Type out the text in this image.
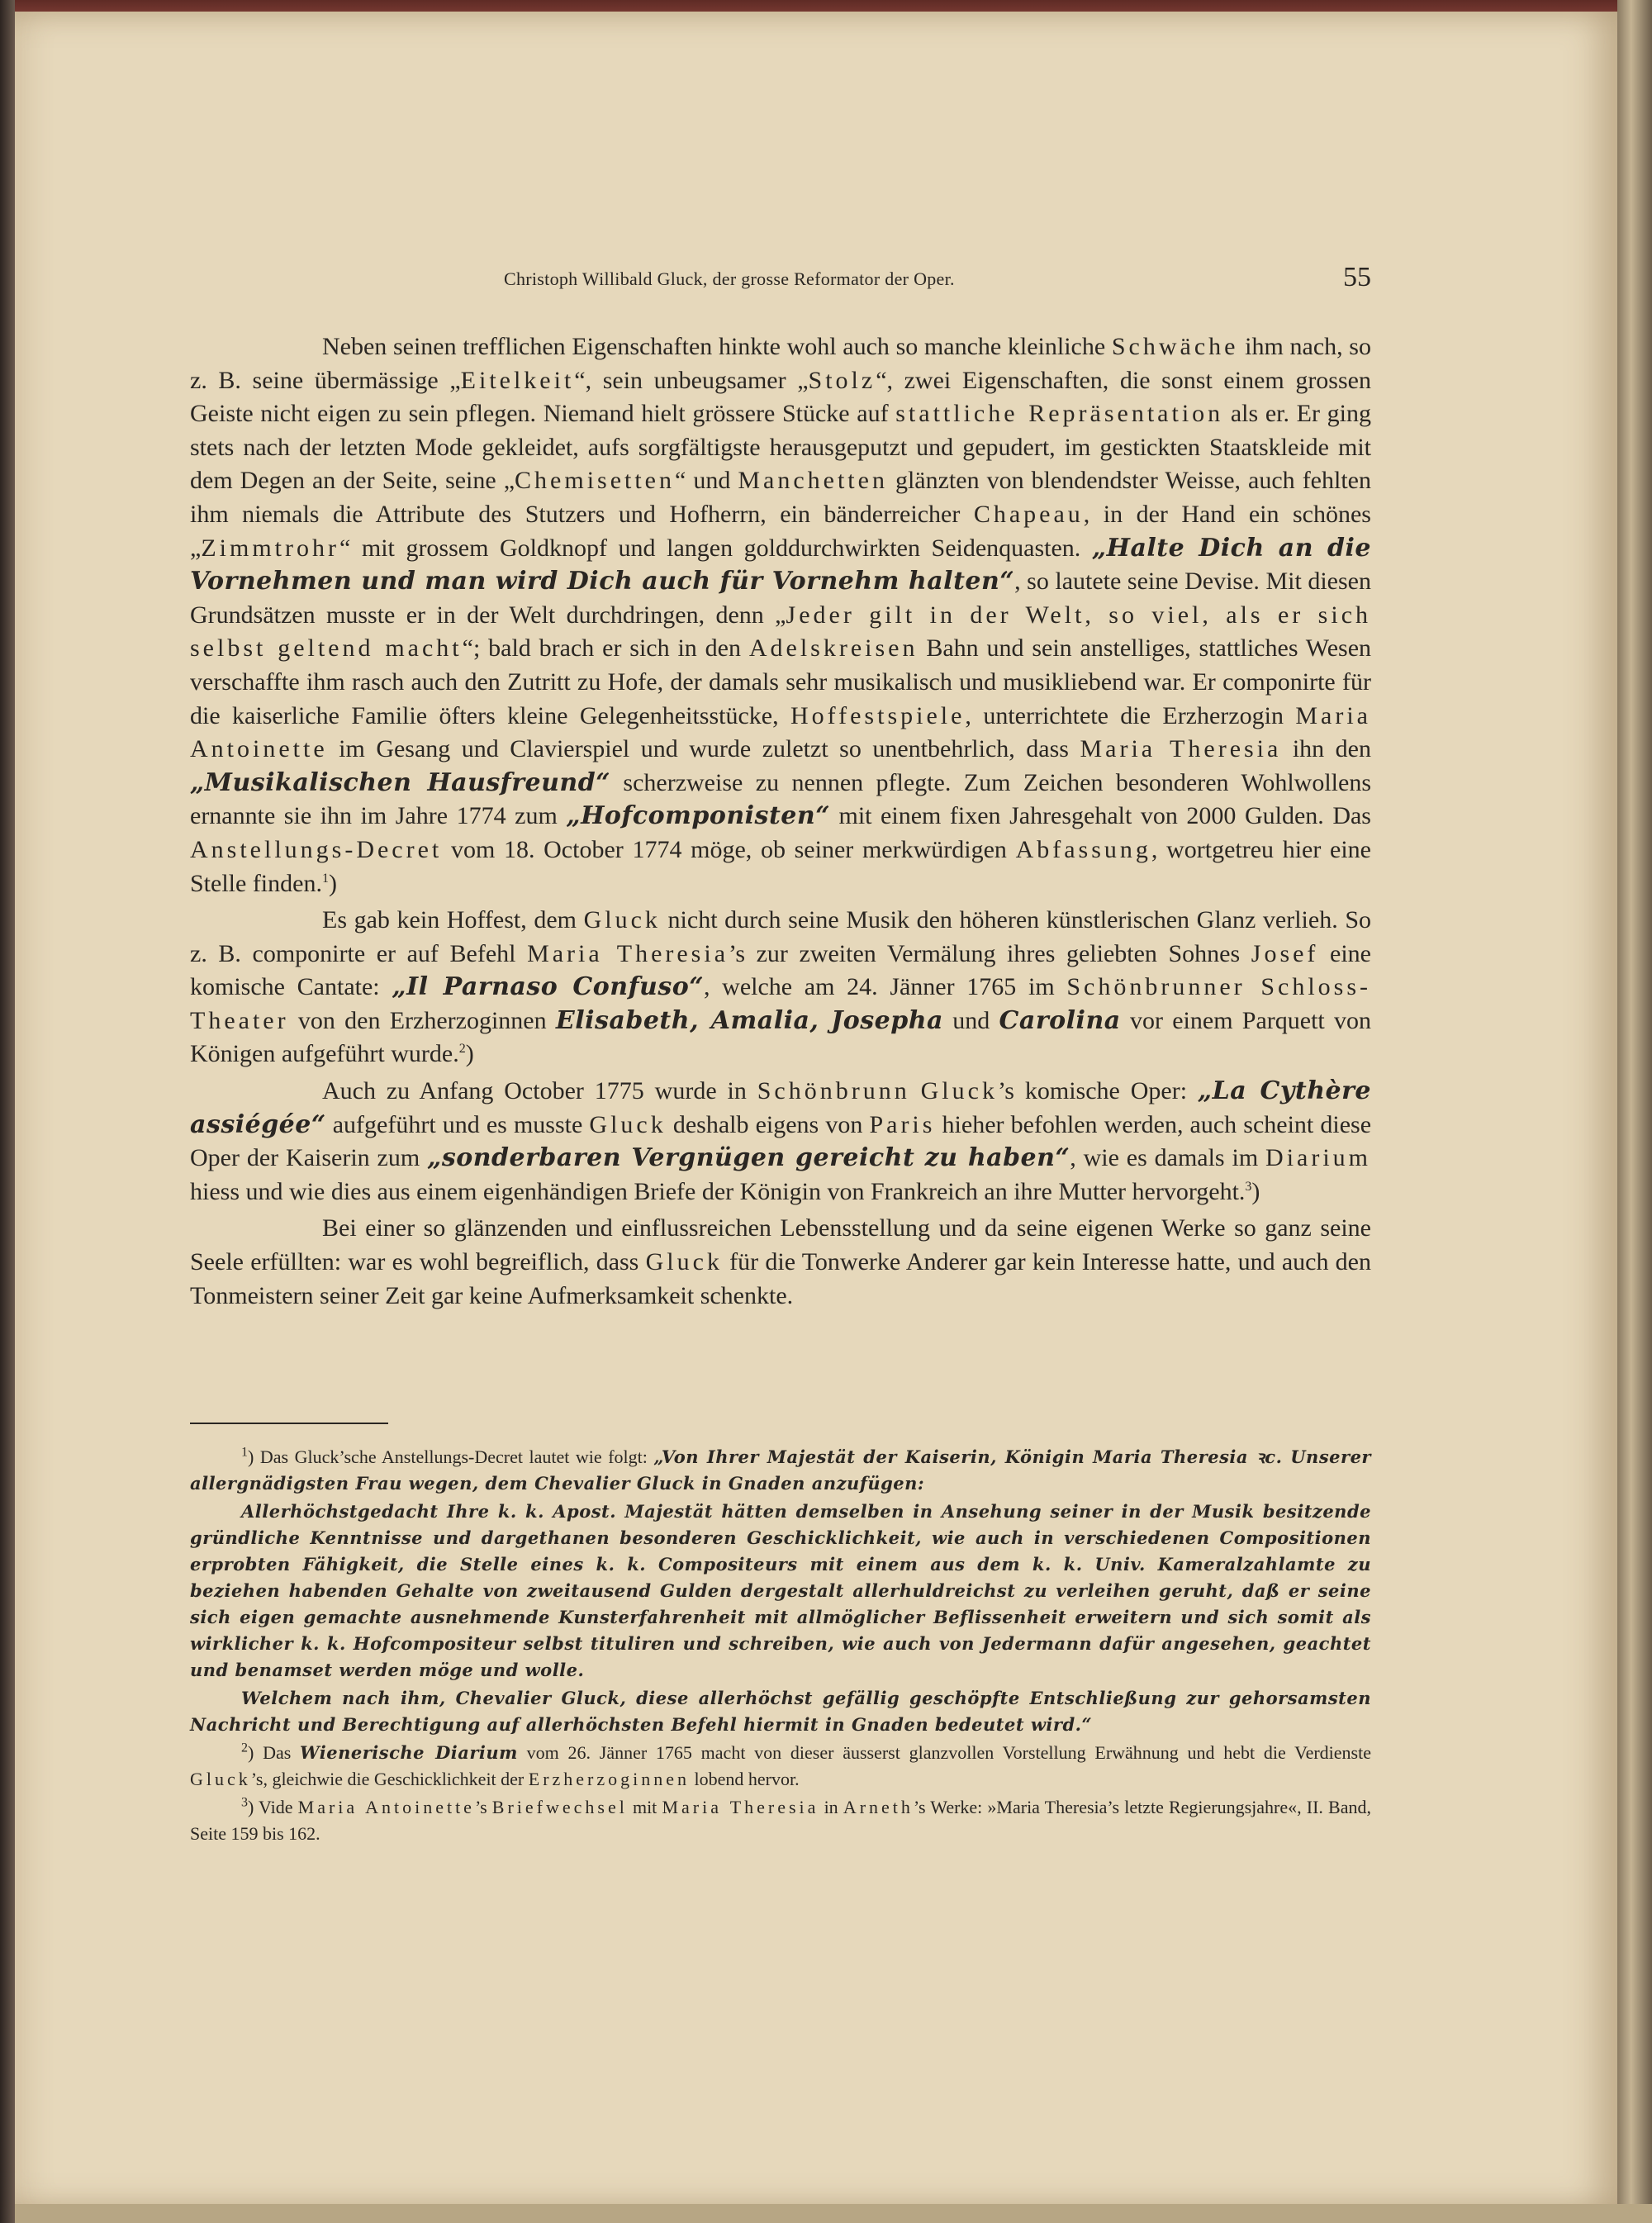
Christoph Willibald Gluck, der grosse Reformator der Oper.	55

Neben seinen trefflichen Eigenschaften hinkte wohl auch so manche kleinliche Schwäche ihm nach, so z. B. seine übermässige „Eitelkeit“, sein unbeugsamer „Stolz“, zwei Eigenschaften, die sonst einem grossen Geiste nicht eigen zu sein pflegen. Niemand hielt grössere Stücke auf stattliche Repräsentation als er. Er ging stets nach der letzten Mode gekleidet, aufs sorgfältigste herausgeputzt und gepudert, im gestickten Staatskleide mit dem Degen an der Seite, seine „Chemisetten“ und Manchetten glänzten von blendendster Weisse, auch fehlten ihm niemals die Attribute des Stutzers und Hofherrn, ein bänderreicher Chapeau, in der Hand ein schönes „Zimmtrohr“ mit grossem Goldknopf und langen golddurchwirkten Seidenquasten. „Halte Dich an die Vornehmen und man wird Dich auch für Vornehm halten“, so lautete seine Devise. Mit diesen Grundsätzen musste er in der Welt durchdringen, denn „Jeder gilt in der Welt, so viel, als er sich selbst geltend macht“; bald brach er sich in den Adelskreisen Bahn und sein anstelliges, stattliches Wesen verschaffte ihm rasch auch den Zutritt zu Hofe, der damals sehr musikalisch und musikliebend war. Er componirte für die kaiserliche Familie öfters kleine Gelegenheitsstücke, Hoffestspiele, unterrichtete die Erzherzogin Maria Antoinette im Gesang und Clavierspiel und wurde zuletzt so unentbehrlich, dass Maria Theresia ihn den „Musikalischen Hausfreund“ scherzweise zu nennen pflegte. Zum Zeichen besonderen Wohlwollens ernannte sie ihn im Jahre 1774 zum „Hofcomponisten“ mit einem fixen Jahresgehalt von 2000 Gulden. Das Anstellungs-Decret vom 18. October 1774 möge, ob seiner merkwürdigen Abfassung, wortgetreu hier eine Stelle finden.$^1$)

Es gab kein Hoffest, dem Gluck nicht durch seine Musik den höheren künstlerischen Glanz verlieh. So z. B. componirte er auf Befehl Maria Theresia’s zur zweiten Vermälung ihres geliebten Sohnes Josef eine komische Cantate: „Il Parnaso Confuso“, welche am 24. Jänner 1765 im Schönbrunner Schloss-Theater von den Erzherzoginnen Elisabeth, Amalia, Josepha und Carolina vor einem Parquett von Königen aufgeführt wurde.$^2$)

Auch zu Anfang October 1775 wurde in Schönbrunn Gluck’s komische Oper: „La Cythère assiégée“ aufgeführt und es musste Gluck deshalb eigens von Paris hieher befohlen werden, auch scheint diese Oper der Kaiserin zum „sonderbaren Vergnügen gereicht zu haben“, wie es damals im Diarium hiess und wie dies aus einem eigenhändigen Briefe der Königin von Frankreich an ihre Mutter hervorgeht.$^3$)

Bei einer so glänzenden und einflussreichen Lebensstellung und da seine eigenen Werke so ganz seine Seele erfüllten: war es wohl begreiflich, dass Gluck für die Tonwerke Anderer gar kein Interesse hatte, und auch den Tonmeistern seiner Zeit gar keine Aufmerksamkeit schenkte.

$^1$) Das Gluck’sche Anstellungs-Decret lautet wie folgt: „Von Ihrer Majestät der Kaiserin, Königin Maria Theresia ꝛc. Unserer allergnädigsten Frau wegen, dem Chevalier Gluck in Gnaden anzufügen:

Allerhöchstgedacht Ihre k. k. Apost. Majestät hätten demselben in Ansehung seiner in der Musik besitzende gründliche Kenntnisse und dargethanen besonderen Geschicklichkeit, wie auch in verschiedenen Compositionen erprobten Fähigkeit, die Stelle eines k. k. Compositeurs mit einem aus dem k. k. Univ. Kameralzahlamte zu beziehen habenden Gehalte von zweitausend Gulden dergestalt allerhuldreichst zu verleihen geruht, daß er seine sich eigen gemachte ausnehmende Kunsterfahrenheit mit allmöglicher Beflissenheit erweitern und sich somit als wirklicher k. k. Hofcompositeur selbst tituliren und schreiben, wie auch von Jedermann dafür angesehen, geachtet und benamset werden möge und wolle.

Welchem nach ihm, Chevalier Gluck, diese allerhöchst gefällig geschöpfte Entschließung zur gehorsamsten Nachricht und Berechtigung auf allerhöchsten Befehl hiermit in Gnaden bedeutet wird.“

$^2$) Das Wienerische Diarium vom 26. Jänner 1765 macht von dieser äusserst glanzvollen Vorstellung Erwähnung und hebt die Verdienste Gluck’s, gleichwie die Geschicklichkeit der Erzherzoginnen lobend hervor.

$^3$) Vide Maria Antoinette’s Briefwechsel mit Maria Theresia in Arneth’s Werke: »Maria Theresia’s letzte Regierungsjahre«, II. Band, Seite 159 bis 162.
